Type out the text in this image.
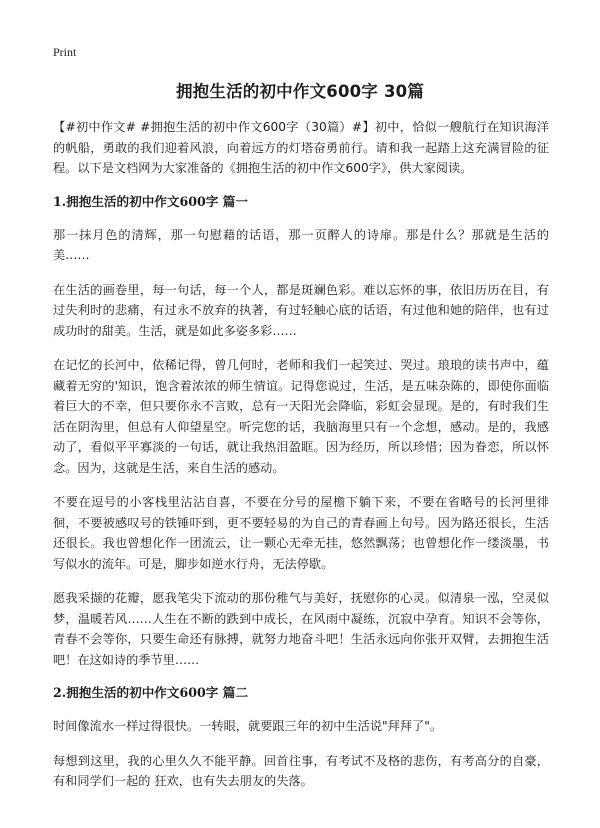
Print
拥抱生活的初中作文600字 30篇

【#初中作文# #拥抱生活的初中作文600字（30篇）#】初中，恰似一艘航行在知识海洋的帆船，勇敢的我们迎着风浪，向着远方的灯塔奋勇前行。请和我一起踏上这充满冒险的征程。以下是文档网为大家准备的《拥抱生活的初中作文600字》，供大家阅读。

1.拥抱生活的初中作文600字 篇一

那一抹月色的清辉，那一句慰藉的话语，那一页醉人的诗扉。那是什么？那就是生活的美……

在生活的画卷里，每一句话，每一个人，都是斑斓色彩。难以忘怀的事，依旧历历在目，有过失利时的悲痛，有过永不放弃的执著，有过轻触心底的话语，有过他和她的陪伴，也有过成功时的甜美。生活，就是如此多姿多彩……

在记忆的长河中，依稀记得，曾几何时，老师和我们一起笑过、哭过。琅琅的读书声中，蕴藏着无穷的'知识，饱含着浓浓的师生情谊。记得您说过，生活，是五味杂陈的，即使你面临着巨大的不幸，但只要你永不言败，总有一天阳光会降临，彩虹会显现。是的，有时我们生活在阴沟里，但总有人仰望星空。听完您的话，我脑海里只有一个念想，感动。是的，我感动了，看似平平寡淡的一句话，就让我热泪盈眶。因为经历，所以珍惜；因为眷恋，所以怀念。因为，这就是生活，来自生活的感动。

不要在逗号的小客栈里沾沾自喜，不要在分号的屋檐下躺下来，不要在省略号的长河里徘徊，不要被感叹号的铁锤吓到，更不要轻易的为自己的青春画上句号。因为路还很长，生活还很长。我也曾想化作一团流云，让一颗心无牵无挂，悠然飘荡；也曾想化作一缕淡墨，书写似水的流年。可是，脚步如逆水行舟，无法停歇。

愿我采撷的花瓣，愿我笔尖下流动的那份稚气与美好，抚慰你的心灵。似清泉一泓，空灵似梦，温暖若风……人生在不断的跌到中成长，在风雨中凝练，沉寂中孕育。知识不会等你，青春不会等你，只要生命还有脉搏，就努力地奋斗吧！生活永远向你张开双臂，去拥抱生活吧！在这如诗的季节里……

2.拥抱生活的初中作文600字 篇二

时间像流水一样过得很快。一转眼，就要跟三年的初中生活说"拜拜了"。

每想到这里，我的心里久久不能平静。回首往事，有考试不及格的悲伤，有考高分的自豪，有和同学们一起的 狂欢，也有失去朋友的失落。
